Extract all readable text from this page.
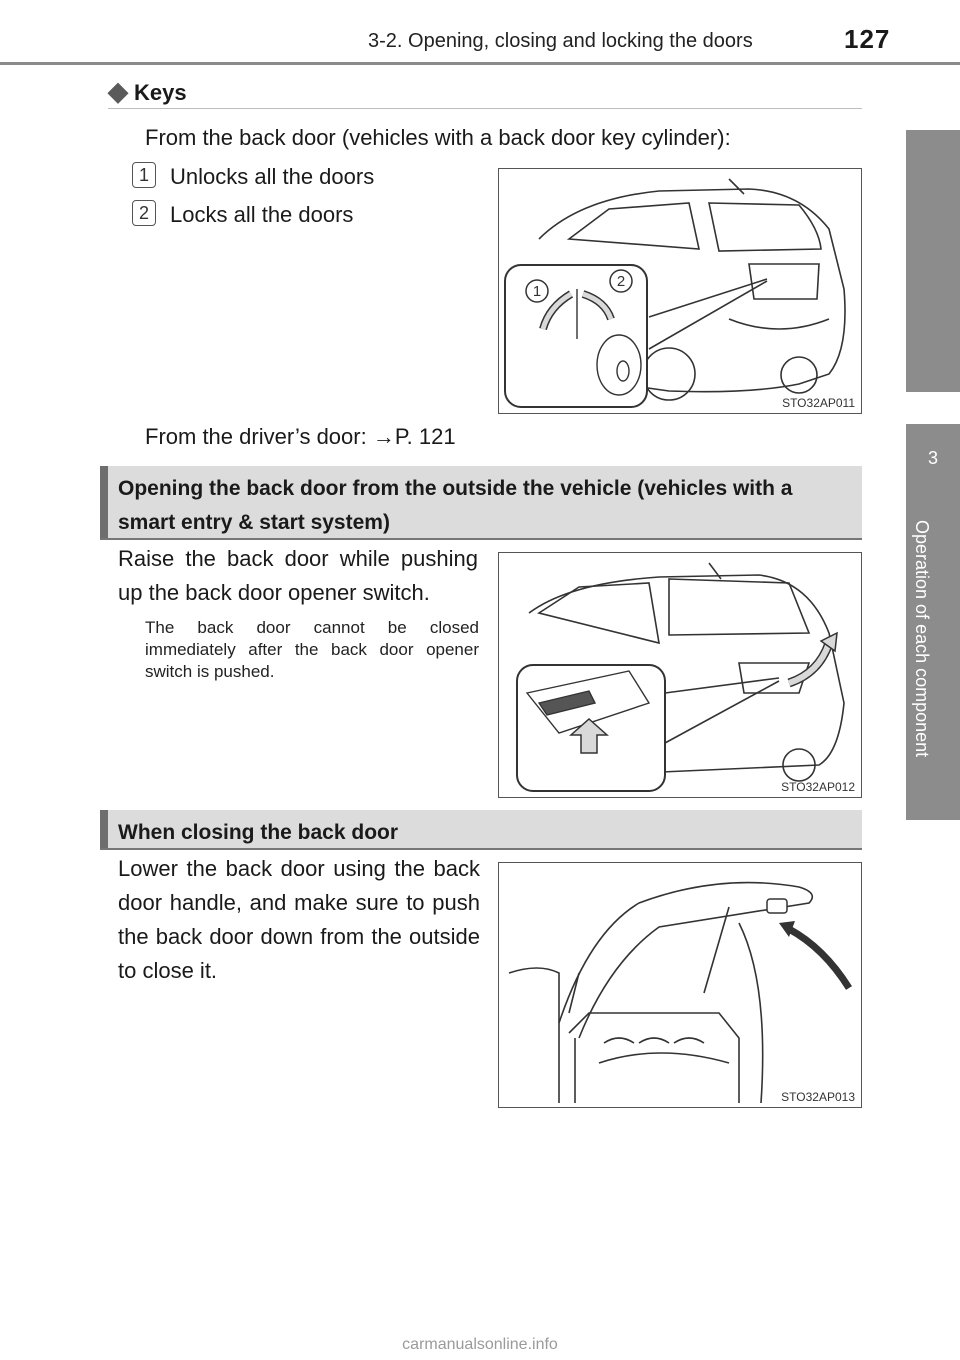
3-2. Opening, closing and locking the doors	127
3
Operation of each component
◆ Keys
From the back door (vehicles with a back door key cylinder):
1 Unlocks all the doors
2 Locks all the doors
1
2
STO32AP011
From the driver’s door: →P. 121
Opening the back door from the outside the vehicle (vehicles with a smart entry & start system)
Raise the back door while pushing up the back door opener switch.
The back door cannot be closed immediately after the back door opener switch is pushed.
STO32AP012
When closing the back door
Lower the back door using the back door handle, and make sure to push the back door down from the outside to close it.
STO32AP013
carmanualsonline.info
